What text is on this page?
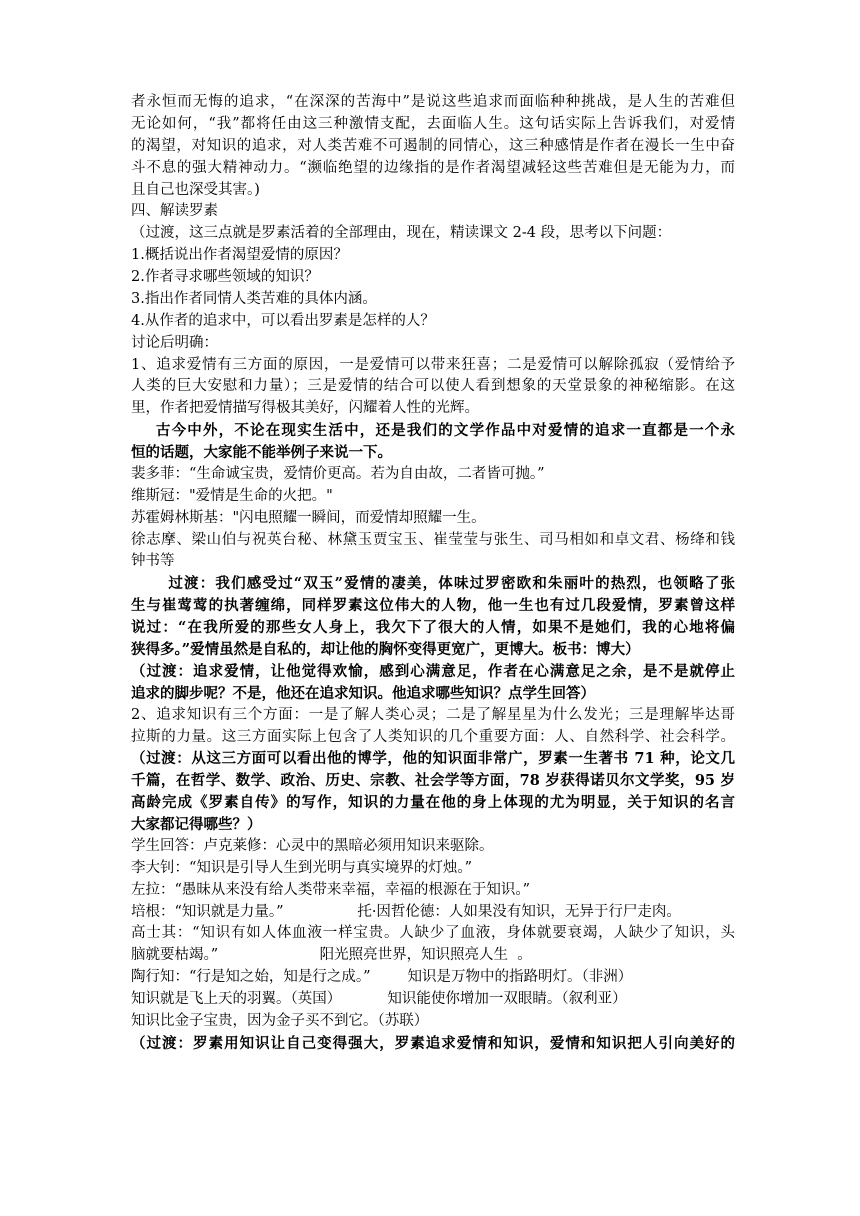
者永恒而无悔的追求，“在深深的苦海中”是说这些追求而面临种种挑战，是人生的苦难但
无论如何，“我”都将任由这三种激情支配，去面临人生。这句话实际上告诉我们，对爱情
的渴望，对知识的追求，对人类苦难不可遏制的同情心，这三种感情是作者在漫长一生中奋
斗不息的强大精神动力。“濒临绝望的边缘指的是作者渴望减轻这些苦难但是无能为力，而
且自己也深受其害。)
四、解读罗素
（过渡，这三点就是罗素活着的全部理由，现在，精读课文 2-4 段，思考以下问题：
1.概括说出作者渴望爱情的原因？
2.作者寻求哪些领域的知识？
3.指出作者同情人类苦难的具体内涵。
4.从作者的追求中，可以看出罗素是怎样的人？
讨论后明确：
1、追求爱情有三方面的原因，一是爱情可以带来狂喜；二是爱情可以解除孤寂（爱情给予
人类的巨大安慰和力量）；三是爱情的结合可以使人看到想象的天堂景象的神秘缩影。在这
里，作者把爱情描写得极其美好，闪耀着人性的光辉。
古今中外，不论在现实生活中，还是我们的文学作品中对爱情的追求一直都是一个永
恒的话题，大家能不能举例子来说一下。
裴多菲：“生命诚宝贵，爱情价更高。若为自由故，二者皆可抛。”
维斯冠："爱情是生命的火把。"
苏霍姆林斯基："闪电照耀一瞬间，而爱情却照耀一生。
徐志摩、梁山伯与祝英台秘、林黛玉贾宝玉、崔莹莹与张生、司马相如和卓文君、杨绛和钱
钟书等
过渡：我们感受过“双玉”爱情的凄美，体味过罗密欧和朱丽叶的热烈，也领略了张
生与崔莺莺的执著缠绵，同样罗素这位伟大的人物，他一生也有过几段爱情，罗素曾这样
说过：“在我所爱的那些女人身上，我欠下了很大的人情，如果不是她们，我的心地将偏
狭得多。”爱情虽然是自私的，却让他的胸怀变得更宽广，更博大。板书：博大）
（过渡：追求爱情，让他觉得欢愉，感到心满意足，作者在心满意足之余，是不是就停止
追求的脚步呢？不是，他还在追求知识。他追求哪些知识？点学生回答）
2、追求知识有三个方面：一是了解人类心灵；二是了解星星为什么发光；三是理解毕达哥
拉斯的力量。这三方面实际上包含了人类知识的几个重要方面：人、自然科学、社会科学。
（过渡：从这三方面可以看出他的博学，他的知识面非常广，罗素一生著书 71 种，论文几
千篇，在哲学、数学、政治、历史、宗教、社会学等方面，78 岁获得诺贝尔文学奖，95 岁
高龄完成《罗素自传》的写作，知识的力量在他的身上体现的尤为明显，关于知识的名言
大家都记得哪些？）
学生回答：卢克莱修：心灵中的黑暗必须用知识来驱除。
李大钊：“知识是引导人生到光明与真实境界的灯烛。”
左拉：“愚昧从来没有给人类带来幸福，幸福的根源在于知识。”
培根：“知识就是力量。”                托·因哲伦德：人如果没有知识，无异于行尸走肉。
高士其：“知识有如人体血液一样宝贵。人缺少了血液，身体就要衰竭，人缺少了知识，头
脑就要枯竭。”                      阳光照亮世界，知识照亮人生  。
陶行知：“行是知之始，知是行之成。”        知识是万物中的指路明灯。（非洲）
知识就是飞上天的羽翼。（英国）          知识能使你增加一双眼睛。（叙利亚）
知识比金子宝贵，因为金子买不到它。（苏联）
（过渡：罗素用知识让自己变得强大，罗素追求爱情和知识，爱情和知识把人引向美好的
